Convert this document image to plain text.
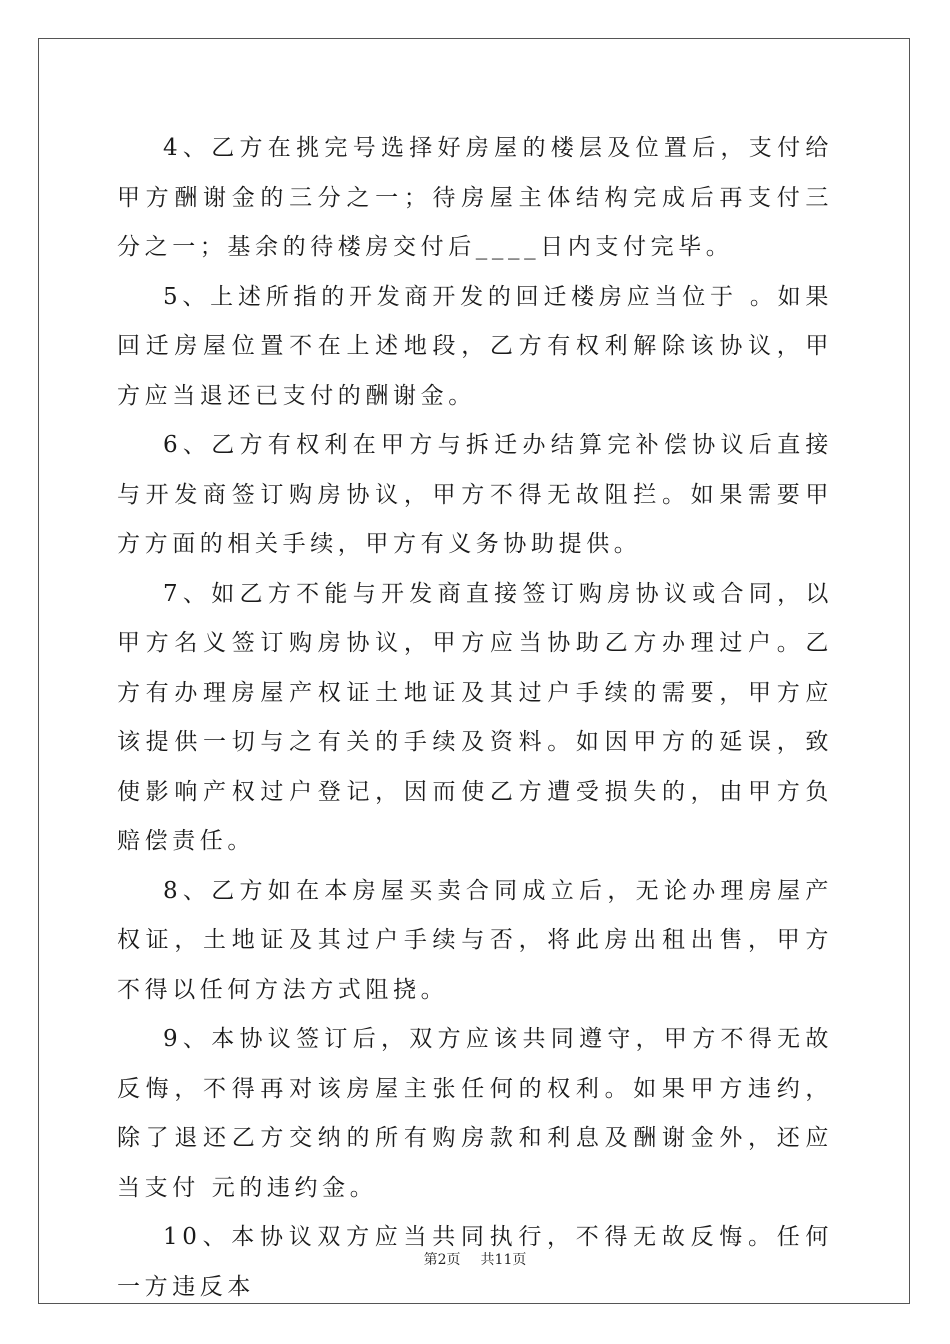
4、乙方在挑完号选择好房屋的楼层及位置后，支付给甲方酬谢金的三分之一；待房屋主体结构完成后再支付三分之一；基余的待楼房交付后____日内支付完毕。

5、上述所指的开发商开发的回迁楼房应当位于 。如果回迁房屋位置不在上述地段，乙方有权利解除该协议，甲方应当退还已支付的酬谢金。

6、乙方有权利在甲方与拆迁办结算完补偿协议后直接与开发商签订购房协议，甲方不得无故阻拦。如果需要甲方方面的相关手续，甲方有义务协助提供。

7、如乙方不能与开发商直接签订购房协议或合同，以甲方名义签订购房协议，甲方应当协助乙方办理过户。乙方有办理房屋产权证土地证及其过户手续的需要，甲方应该提供一切与之有关的手续及资料。如因甲方的延误，致使影响产权过户登记，因而使乙方遭受损失的，由甲方负赔偿责任。

8、乙方如在本房屋买卖合同成立后，无论办理房屋产权证，土地证及其过户手续与否，将此房出租出售，甲方不得以任何方法方式阻挠。

9、本协议签订后，双方应该共同遵守，甲方不得无故反悔，不得再对该房屋主张任何的权利。如果甲方违约，除了退还乙方交纳的所有购房款和利息及酬谢金外，还应当支付 元的违约金。

10、本协议双方应当共同执行，不得无故反悔。任何一方违反本

第2页 共11页
